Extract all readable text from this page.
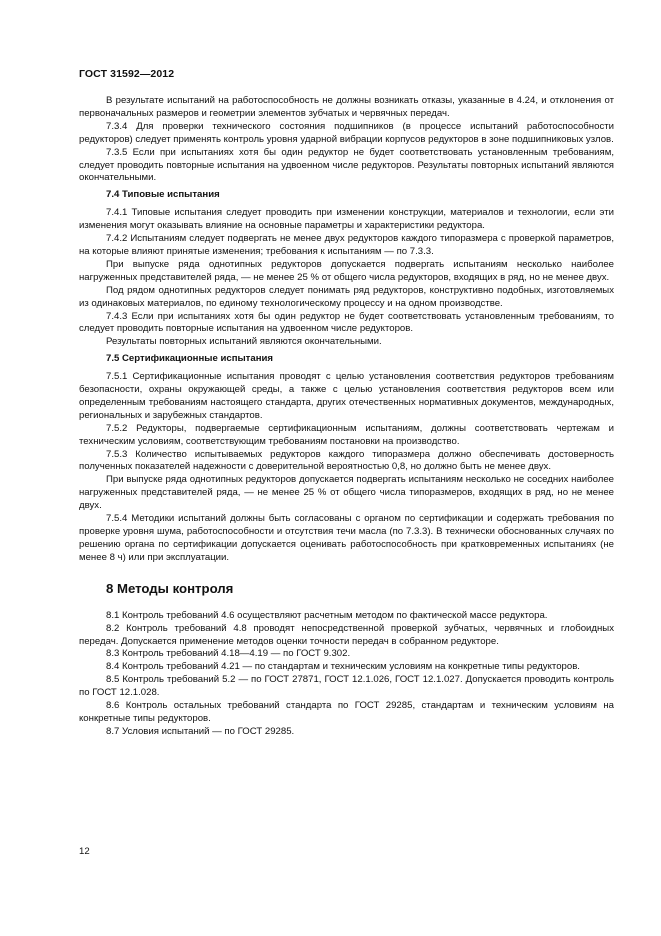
ГОСТ 31592—2012

В результате испытаний на работоспособность не должны возникать отказы, указанные в 4.24, и отклонения от первоначальных размеров и геометрии элементов зубчатых и червячных передач.

7.3.4 Для проверки технического состояния подшипников (в процессе испытаний работоспособности редукторов) следует применять контроль уровня ударной вибрации корпусов редукторов в зоне подшипниковых узлов.

7.3.5 Если при испытаниях хотя бы один редуктор не будет соответствовать установленным требованиям, следует проводить повторные испытания на удвоенном числе редукторов. Результаты повторных испытаний являются окончательными.

7.4 Типовые испытания

7.4.1 Типовые испытания следует проводить при изменении конструкции, материалов и технологии, если эти изменения могут оказывать влияние на основные параметры и характеристики редуктора.

7.4.2 Испытаниям следует подвергать не менее двух редукторов каждого типоразмера с проверкой параметров, на которые влияют принятые изменения; требования к испытаниям — по 7.3.3.

При выпуске ряда однотипных редукторов допускается подвергать испытаниям несколько наиболее нагруженных представителей ряда, — не менее 25 % от общего числа редукторов, входящих в ряд, но не менее двух.

Под рядом однотипных редукторов следует понимать ряд редукторов, конструктивно подобных, изготовляемых из одинаковых материалов, по единому технологическому процессу и на одном производстве.

7.4.3 Если при испытаниях хотя бы один редуктор не будет соответствовать установленным требованиям, то следует проводить повторные испытания на удвоенном числе редукторов.

Результаты повторных испытаний являются окончательными.

7.5 Сертификационные испытания

7.5.1 Сертификационные испытания проводят с целью установления соответствия редукторов требованиям безопасности, охраны окружающей среды, а также с целью установления соответствия редукторов всем или определенным требованиям настоящего стандарта, других отечественных нормативных документов, международных, региональных и зарубежных стандартов.

7.5.2 Редукторы, подвергаемые сертификационным испытаниям, должны соответствовать чертежам и техническим условиям, соответствующим требованиям постановки на производство.

7.5.3 Количество испытываемых редукторов каждого типоразмера должно обеспечивать достоверность полученных показателей надежности с доверительной вероятностью 0,8, но должно быть не менее двух.

При выпуске ряда однотипных редукторов допускается подвергать испытаниям несколько не соседних наиболее нагруженных представителей ряда, — не менее 25 % от общего числа типоразмеров, входящих в ряд, но не менее двух.

7.5.4 Методики испытаний должны быть согласованы с органом по сертификации и содержать требования по проверке уровня шума, работоспособности и отсутствия течи масла (по 7.3.3). В технически обоснованных случаях по решению органа по сертификации допускается оценивать работоспособность при кратковременных испытаниях (не менее 8 ч) или при эксплуатации.

8 Методы контроля

8.1 Контроль требований 4.6 осуществляют расчетным методом по фактической массе редуктора.

8.2 Контроль требований 4.8 проводят непосредственной проверкой зубчатых, червячных и глобоидных передач. Допускается применение методов оценки точности передач в собранном редукторе.

8.3 Контроль требований 4.18—4.19 — по ГОСТ 9.302.

8.4 Контроль требований 4.21 — по стандартам и техническим условиям на конкретные типы редукторов.

8.5 Контроль требований 5.2 — по ГОСТ 27871, ГОСТ 12.1.026, ГОСТ 12.1.027. Допускается проводить контроль по ГОСТ 12.1.028.

8.6 Контроль остальных требований стандарта по ГОСТ 29285, стандартам и техническим условиям на конкретные типы редукторов.

8.7 Условия испытаний — по ГОСТ 29285.

12
